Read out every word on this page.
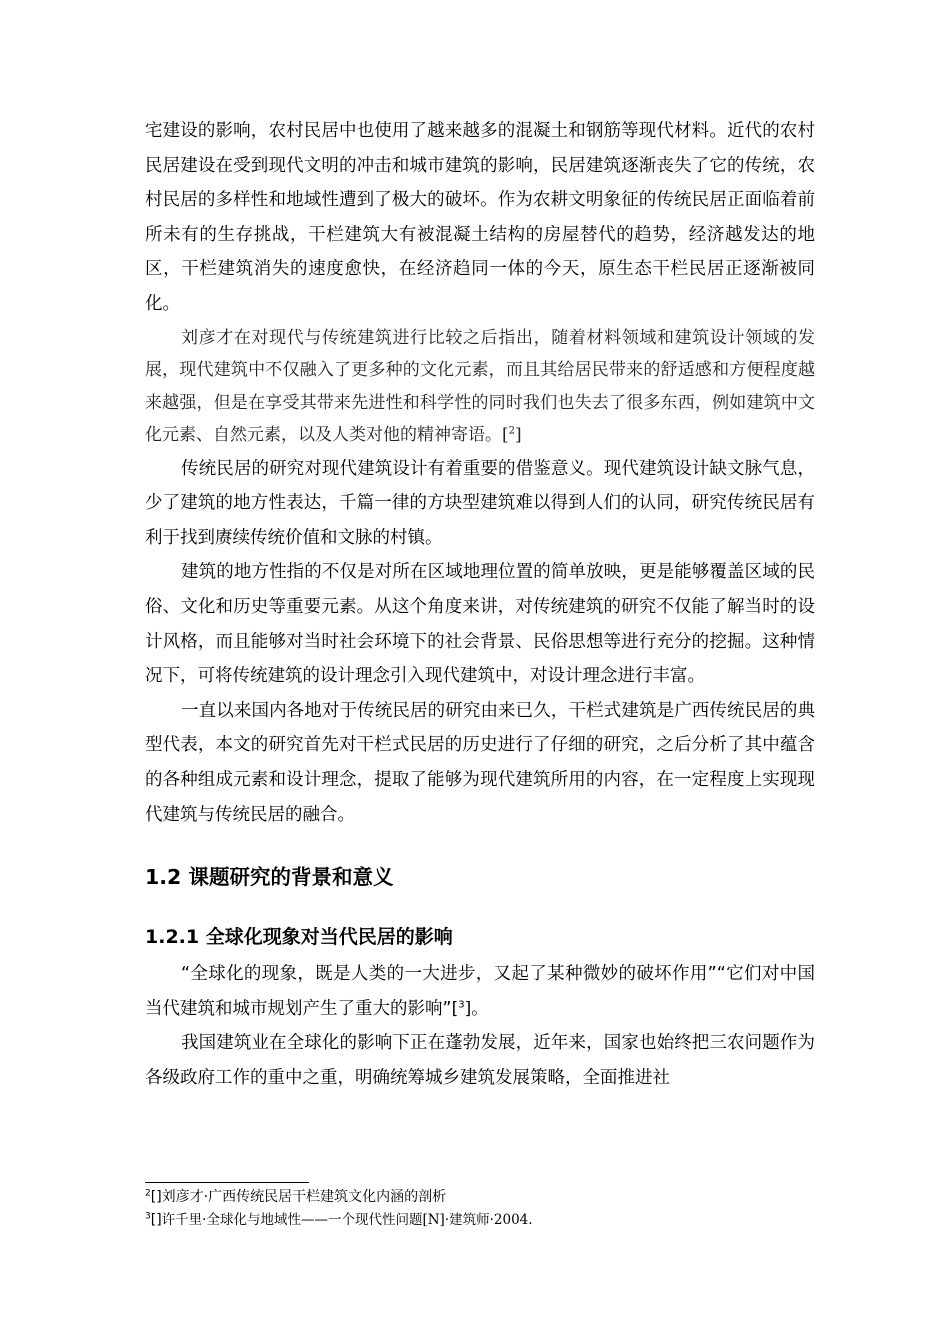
宅建设的影响，农村民居中也使用了越来越多的混凝土和钢筋等现代材料。近代的农村民居建设在受到现代文明的冲击和城市建筑的影响，民居建筑逐渐丧失了它的传统，农村民居的多样性和地域性遭到了极大的破坏。作为农耕文明象征的传统民居正面临着前所未有的生存挑战，干栏建筑大有被混凝土结构的房屋替代的趋势，经济越发达的地区，干栏建筑消失的速度愈快，在经济趋同一体的今天，原生态干栏民居正逐渐被同化。

刘彦才在对现代与传统建筑进行比较之后指出，随着材料领域和建筑设计领域的发展，现代建筑中不仅融入了更多种的文化元素，而且其给居民带来的舒适感和方便程度越来越强，但是在享受其带来先进性和科学性的同时我们也失去了很多东西，例如建筑中文化元素、自然元素，以及人类对他的精神寄语。[$^2$]

传统民居的研究对现代建筑设计有着重要的借鉴意义。现代建筑设计缺文脉气息，少了建筑的地方性表达，千篇一律的方块型建筑难以得到人们的认同，研究传统民居有利于找到赓续传统价值和文脉的村镇。

建筑的地方性指的不仅是对所在区域地理位置的简单放映，更是能够覆盖区域的民俗、文化和历史等重要元素。从这个角度来讲，对传统建筑的研究不仅能了解当时的设计风格，而且能够对当时社会环境下的社会背景、民俗思想等进行充分的挖掘。这种情况下，可将传统建筑的设计理念引入现代建筑中，对设计理念进行丰富。

一直以来国内各地对于传统民居的研究由来已久，干栏式建筑是广西传统民居的典型代表，本文的研究首先对干栏式民居的历史进行了仔细的研究，之后分析了其中蕴含的各种组成元素和设计理念，提取了能够为现代建筑所用的内容，在一定程度上实现现代建筑与传统民居的融合。

1.2 课题研究的背景和意义
1.2.1 全球化现象对当代民居的影响

“全球化的现象，既是人类的一大进步，又起了某种微妙的破坏作用”“它们对中国当代建筑和城市规划产生了重大的影响”[$^3$]。

我国建筑业在全球化的影响下正在蓬勃发展，近年来，国家也始终把三农问题作为各级政府工作的重中之重，明确统筹城乡建筑发展策略，全面推进社

$^2$[]刘彦才·广西传统民居干栏建筑文化内涵的剖析
$^3$[]许千里·全球化与地域性——一个现代性问题[N]·建筑师·2004.
